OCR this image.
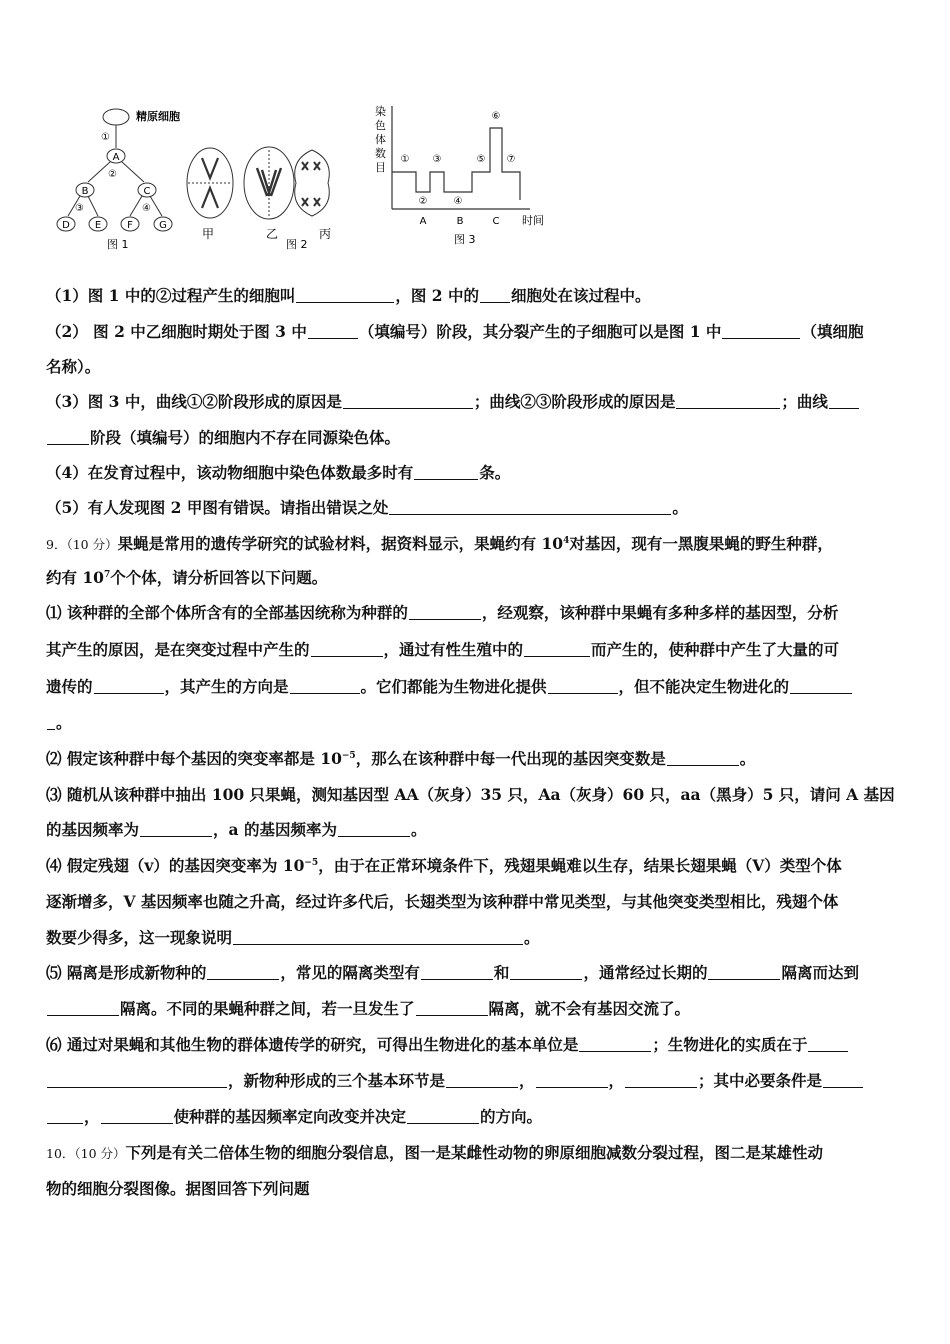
精原细胞
①
②
③	④
A
B	C
D E	F	G
图 1
甲	乙	丙
图 2
染
色
体
数
目
①
②
③
④
⑤
⑥
⑦
A	B	C 时间
图 3
（1）图 1 中的②过程产生的细胞叫	，图 2 中的 细胞处在该过程中。
（2） 图 2 中乙细胞时期处于图 3 中	（填编号）阶段，其分裂产生的子细胞可以是图 1 中	（填细胞
名称）。
（3）图 3 中，曲线①②阶段形成的原因是	；曲线②③阶段形成的原因是	；曲线
阶段（填编号）的细胞内不存在同源染色体。
（4）在发育过程中，该动物细胞中染色体数最多时有	条。
（5）有人发现图 2 甲图有错误。请指出错误之处	。
9．（10 分）果蝇是常用的遗传学研究的试验材料，据资料显示，果蝇约有 $10^4$对基因，现有一黑腹果蝇的野生种群，
约有 $10^7$个个体，请分析回答以下问题。
⑴ 该种群的全部个体所含有的全部基因统称为种群的	，经观察，该种群中果蝇有多种多样的基因型，分析
其产生的原因，是在突变过程中产生的	，通过有性生殖中的	而产生的，使种群中产生了大量的可
遗传的	，其产生的方向是	。它们都能为生物进化提供	，但不能决定生物进化的
。
⑵ 假定该种群中每个基因的突变率都是 $10^{-5}$，那么在该种群中每一代出现的基因突变数是	。
⑶ 随机从该种群中抽出 100 只果蝇，测知基因型 AA（灰身）35 只，Aa（灰身）60 只，aa（黑身）5 只，请问 A 基因
的基因频率为	，a 的基因频率为	。
⑷ 假定残翅（v）的基因突变率为 $10^{-5}$，由于在正常环境条件下，残翅果蝇难以生存，结果长翅果蝇（V）类型个体
逐渐增多，V 基因频率也随之升高，经过许多代后，长翅类型为该种群中常见类型，与其他突变类型相比，残翅个体
数要少得多，这一现象说明	。
⑸ 隔离是形成新物种的	，常见的隔离类型有	和	，通常经过长期的	隔离而达到
隔离。不同的果蝇种群之间，若一旦发生了	隔离，就不会有基因交流了。
⑹ 通过对果蝇和其他生物的群体遗传学的研究，可得出生物进化的基本单位是	；生物进化的实质在于
，新物种形成的三个基本环节是	，	，	；其中必要条件是
，	使种群的基因频率定向改变并决定	的方向。
10．（10 分）下列是有关二倍体生物的细胞分裂信息，图一是某雌性动物的卵原细胞减数分裂过程，图二是某雄性动
物的细胞分裂图像。据图回答下列问题
